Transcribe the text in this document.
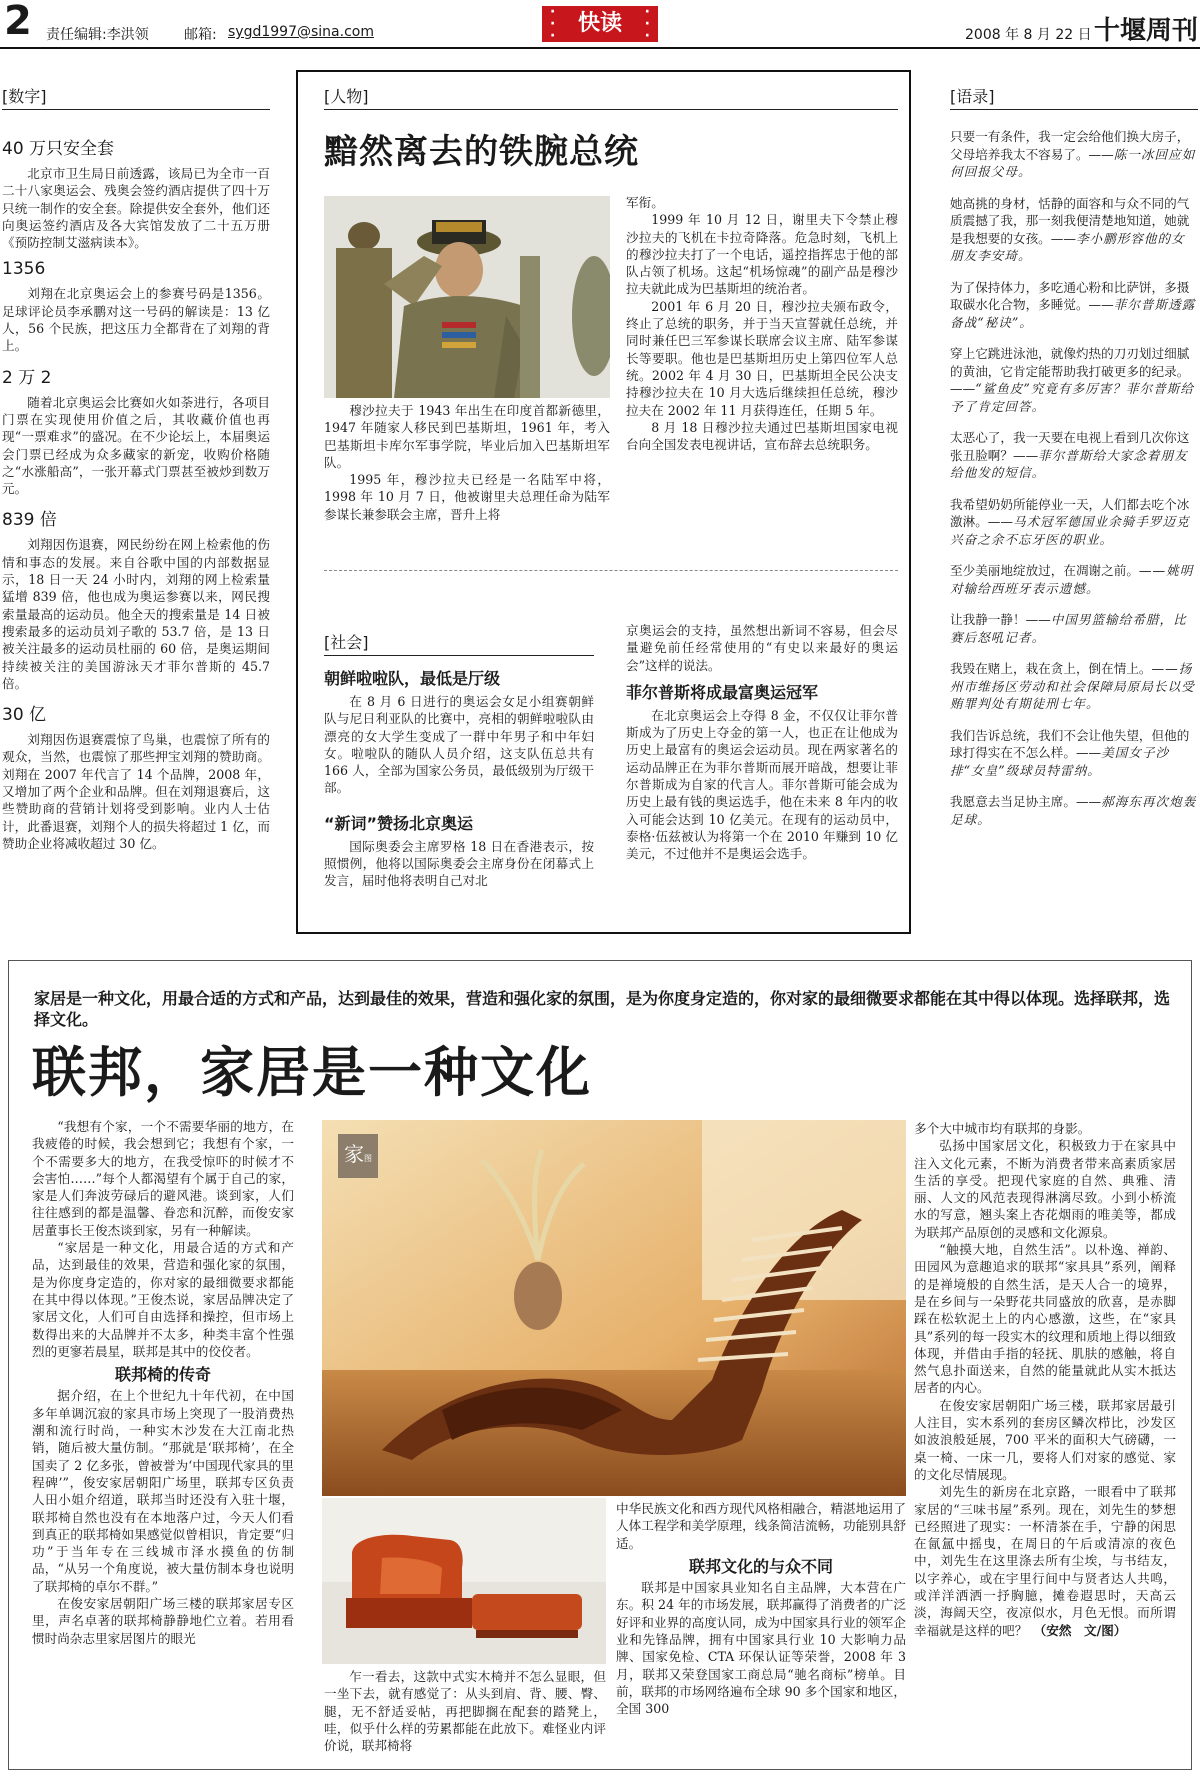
2 责任编辑:李洪领	邮箱: sygd1997@sina.com
·
·
· 快读 ·
·
·	2008 年 8 月 22 日 十堰周刊
[数字]
40 万只安全套

北京市卫生局日前透露，该局已为全市一百二十八家奥运会、残奥会签约酒店提供了四十万只统一制作的安全套。除提供安全套外，他们还向奥运签约酒店及各大宾馆发放了二十五万册《预防控制艾滋病读本》。

1356

刘翔在北京奥运会上的参赛号码是1356。足球评论员李承鹏对这一号码的解读是：13 亿人，56 个民族，把这压力全都背在了刘翔的背上。

2 万 2

随着北京奥运会比赛如火如荼进行，各项目门票在实现使用价值之后，其收藏价值也再现“一票难求”的盛况。在不少论坛上，本届奥运会门票已经成为众多藏家的新宠，收购价格随之“水涨船高”，一张开幕式门票甚至被炒到数万元。

839 倍

刘翔因伤退赛，网民纷纷在网上检索他的伤情和事态的发展。来自谷歌中国的内部数据显示，18 日一天 24 小时内，刘翔的网上检索量猛增 839 倍，他也成为奥运参赛以来，网民搜索量最高的运动员。他全天的搜索量是 14 日被搜索最多的运动员刘子歌的 53.7 倍，是 13 日被关注最多的运动员杜丽的 60 倍，是奥运期间持续被关注的美国游泳天才菲尔普斯的 45.7 倍。

30 亿

刘翔因伤退赛震惊了鸟巢，也震惊了所有的观众，当然，也震惊了那些押宝刘翔的赞助商。刘翔在 2007 年代言了 14 个品牌，2008 年，又增加了两个企业和品牌。但在刘翔退赛后，这些赞助商的营销计划将受到影响。业内人士估计，此番退赛，刘翔个人的损失将超过 1 亿，而赞助企业将减收超过 30 亿。

[人物]
黯然离去的铁腕总统

穆沙拉夫于 1943 年出生在印度首都新德里，1947 年随家人移民到巴基斯坦，1961 年，考入巴基斯坦卡库尔军事学院，毕业后加入巴基斯坦军队。

1995 年，穆沙拉夫已经是一名陆军中将，1998 年 10 月 7 日，他被谢里夫总理任命为陆军参谋长兼参联会主席，晋升上将

军衔。

1999 年 10 月 12 日，谢里夫下令禁止穆沙拉夫的飞机在卡拉奇降落。危急时刻，飞机上的穆沙拉夫打了一个电话，遥控指挥忠于他的部队占领了机场。这起“机场惊魂”的副产品是穆沙拉夫就此成为巴基斯坦的统治者。

2001 年 6 月 20 日，穆沙拉夫颁布政令，终止了总统的职务，并于当天宣誓就任总统，并同时兼任巴三军参谋长联席会议主席、陆军参谋长等要职。他也是巴基斯坦历史上第四位军人总统。2002 年 4 月 30 日，巴基斯坦全民公决支持穆沙拉夫在 10 月大选后继续担任总统，穆沙拉夫在 2002 年 11 月获得连任，任期 5 年。

8 月 18 日穆沙拉夫通过巴基斯坦国家电视台向全国发表电视讲话，宣布辞去总统职务。

[社会]
朝鲜啦啦队，最低是厅级

在 8 月 6 日进行的奥运会女足小组赛朝鲜队与尼日利亚队的比赛中，亮相的朝鲜啦啦队由漂亮的女大学生变成了一群中年男子和中年妇女。啦啦队的随队人员介绍，这支队伍总共有 166 人，全部为国家公务员，最低级别为厅级干部。

“新词”赞扬北京奥运

国际奥委会主席罗格 18 日在香港表示，按照惯例，他将以国际奥委会主席身份在闭幕式上发言，届时他将表明自己对北

京奥运会的支持，虽然想出新词不容易，但会尽量避免前任经常使用的“有史以来最好的奥运会”这样的说法。

菲尔普斯将成最富奥运冠军

在北京奥运会上夺得 8 金，不仅仅让菲尔普斯成为了历史上夺金的第一人，也正在让他成为历史上最富有的奥运会运动员。现在两家著名的运动品牌正在为菲尔普斯而展开暗战，想要让菲尔普斯成为自家的代言人。菲尔普斯可能会成为历史上最有钱的奥运选手，他在未来 8 年内的收入可能会达到 10 亿美元。在现有的运动员中，泰格·伍兹被认为将第一个在 2010 年赚到 10 亿美元，不过他并不是奥运会选手。

[语录]

只要一有条件，我一定会给他们换大房子，父母培养我太不容易了。——陈一冰回应如何回报父母。

她高挑的身材，恬静的面容和与众不同的气质震撼了我，那一刻我便清楚地知道，她就是我想要的女孩。——李小鹏形容他的女朋友李安琦。

为了保持体力，多吃通心粉和比萨饼，多摄取碳水化合物，多睡觉。——菲尔普斯透露备战“秘诀”。

穿上它跳进泳池，就像灼热的刀刃划过细腻的黄油，它肯定能帮助我打破更多的纪录。——“鲨鱼皮”究竟有多厉害？菲尔普斯给予了肯定回答。

太恶心了，我一天要在电视上看到几次你这张丑脸啊？——菲尔普斯给大家念着朋友给他发的短信。

我希望奶奶所能停业一天，人们都去吃个冰激淋。——马术冠军德国业余骑手罗迈克兴奋之余不忘牙医的职业。

至少美丽地绽放过，在凋谢之前。——姚明对输给西班牙表示遗憾。

让我静一静！——中国男篮输给希腊，比赛后怒吼记者。

我毁在赌上，栽在贪上，倒在情上。——扬州市维扬区劳动和社会保障局原局长以受贿罪判处有期徒刑七年。

我们告诉总统，我们不会让他失望，但他的球打得实在不怎么样。——美国女子沙排“女皇”级球员特雷纳。

我愿意去当足协主席。——郝海东再次炮轰足球。

家居是一种文化，用最合适的方式和产品，达到最佳的效果，营造和强化家的氛围，是为你度身定造的，你对家的最细微要求都能在其中得以体现。选择联邦，选择文化。
联邦，家居是一种文化

“我想有个家，一个不需要华丽的地方，在我疲倦的时候，我会想到它；我想有个家，一个不需要多大的地方，在我受惊吓的时候才不会害怕……”每个人都渴望有个属于自己的家，家是人们奔波劳碌后的避风港。谈到家，人们往往感到的都是温馨、眷恋和沉醉，而俊安家居董事长王俊杰谈到家，另有一种解读。

“家居是一种文化，用最合适的方式和产品，达到最佳的效果，营造和强化家的氛围，是为你度身定造的，你对家的最细微要求都能在其中得以体现。”王俊杰说，家居品牌决定了家居文化，人们可自由选择和操控，但市场上数得出来的大品牌并不太多，种类丰富个性强烈的更寥若晨星，联邦是其中的佼佼者。

联邦椅的传奇

据介绍，在上个世纪九十年代初，在中国多年单调沉寂的家具市场上突现了一股消费热潮和流行时尚，一种实木沙发在大江南北热销，随后被大量仿制。“那就是‘联邦椅’，在全国卖了 2 亿多张，曾被誉为‘中国现代家具的里程碑’”，俊安家居朝阳广场里，联邦专区负责人田小姐介绍道，联邦当时还没有入驻十堰，联邦椅自然也没有在本地落户过，今天人们看到真正的联邦椅如果感觉似曾相识，肯定要“归功”于当年专在三线城市泽水摸鱼的仿制品，“从另一个角度说，被大量仿制本身也说明了联邦椅的卓尔不群。”

在俊安家居朝阳广场三楼的联邦家居专区里，声名卓著的联邦椅静静地伫立着。若用看惯时尚杂志里家居图片的眼光

家图

乍一看去，这款中式实木椅并不怎么显眼，但一坐下去，就有感觉了：从头到肩、背、腰、臀、腿，无不舒适妥帖，再把脚搁在配套的踏凳上，哇，似乎什么样的劳累都能在此放下。难怪业内评价说，联邦椅将

中华民族文化和西方现代风格相融合，精湛地运用了人体工程学和美学原理，线条简洁流畅，功能别具舒适。

联邦文化的与众不同

联邦是中国家具业知名自主品牌，大本营在广东。积 24 年的市场发展，联邦赢得了消费者的广泛好评和业界的高度认同，成为中国家具行业的领军企业和先锋品牌，拥有中国家具行业 10 大影响力品牌、国家免检、CTA 环保认证等荣誉，2008 年 3 月，联邦又荣登国家工商总局“驰名商标”榜单。目前，联邦的市场网络遍布全球 90 多个国家和地区，全国 300

多个大中城市均有联邦的身影。

弘扬中国家居文化，积极致力于在家具中注入文化元素，不断为消费者带来高素质家居生活的享受。把现代家庭的自然、典雅、清丽、人文的风范表现得淋漓尽致。小到小桥流水的写意，翘头案上杏花烟雨的唯美等，都成为联邦产品原创的灵感和文化源泉。

“触摸大地，自然生活”。以朴逸、禅韵、田园风为意趣追求的联邦“家具具”系列，阐释的是禅境般的自然生活，是天人合一的境界，是在乡间与一朵野花共同盛放的欣喜，是赤脚踩在松软泥土上的内心感激，这些，在“家具具”系列的每一段实木的纹理和质地上得以细致体现，并借由手指的轻抚、肌肤的感触，将自然气息扑面送来，自然的能量就此从实木抵达居者的内心。

在俊安家居朝阳广场三楼，联邦家居最引人注目，实木系列的套房区鳞次栉比，沙发区如波浪般延展，700 平米的面积大气磅礴，一桌一椅、一床一几，要将人们对家的感觉、家的文化尽情展现。

刘先生的新房在北京路，一眼看中了联邦家居的“三味书屋”系列。现在，刘先生的梦想已经照进了现实：一杯清茶在手，宁静的闲思在氤氲中摇曳，在周日的午后或清凉的夜色中，刘先生在这里涤去所有尘埃，与书结友，以字养心，或在宇里行间中与贤者达人共鸣，或洋洋洒洒一抒胸臆，摊卷遐思时，天高云淡，海阔天空，夜凉似水，月色无恨。而所谓幸福就是这样的吧？　 （安然　文/图）
